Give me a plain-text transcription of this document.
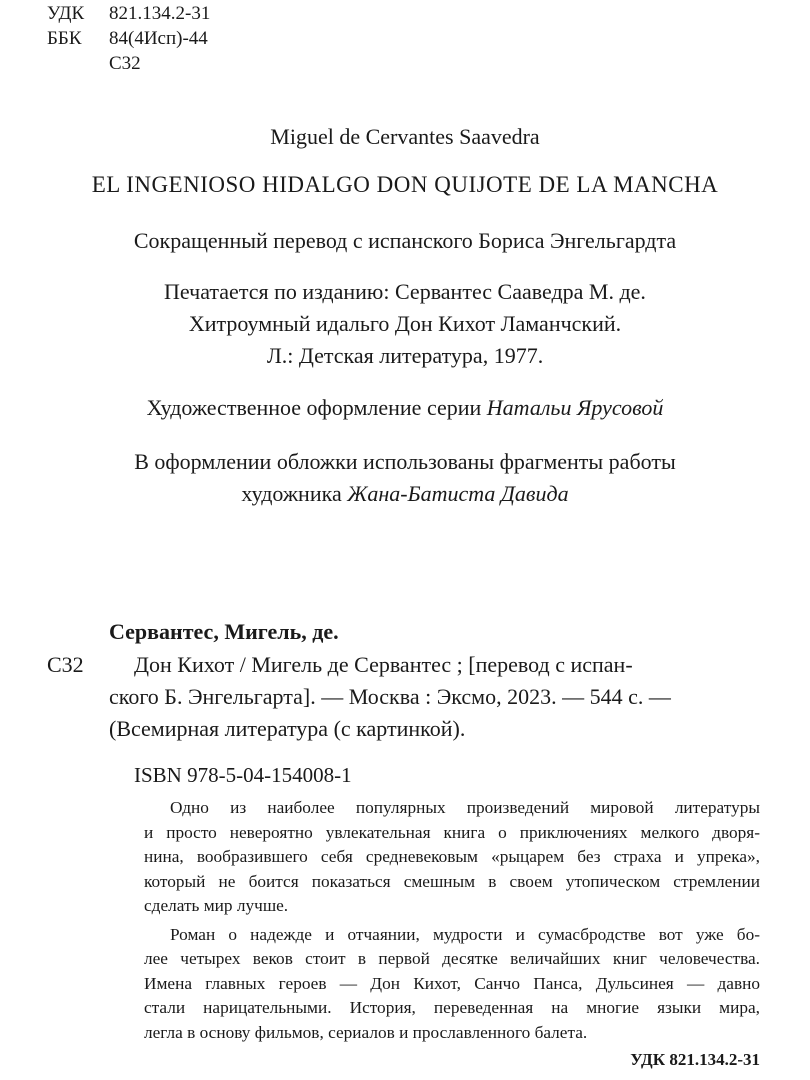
УДК 821.134.2-31
ББК 84(4Исп)-44
С32
Miguel de Cervantes Saavedra
EL INGENIOSO HIDALGO DON QUIJOTE DE LA MANCHA
Сокращенный перевод с испанского Бориса Энгельгардта
Печатается по изданию: Сервантес Сааведра М. де.
Хитроумный идальго Дон Кихот Ламанчский.
Л.: Детская литература, 1977.
Художественное оформление серии Натальи Ярусовой
В оформлении обложки использованы фрагменты работы
художника Жана-Батиста Давида
Сервантес, Мигель, де.
С32 Дон Кихот / Мигель де Сервантес ; [перевод с испан-
ского Б. Энгельгарта]. — Москва : Эксмо, 2023. — 544 с. —
(Всемирная литература (с картинкой).
ISBN 978-5-04-154008-1

Одно из наиболее популярных произведений мировой литературы
и просто невероятно увлекательная книга о приключениях мелкого дворя-
нина, вообразившего себя средневековым «рыцарем без страха и упрека»,
который не боится показаться смешным в своем утопическом стремлении
сделать мир лучше.

Роман о надежде и отчаянии, мудрости и сумасбродстве вот уже бо-
лее четырех веков стоит в первой десятке величайших книг человечества.
Имена главных героев — Дон Кихот, Санчо Панса, Дульсинея — давно
стали нарицательными. История, переведенная на многие языки мира,
легла в основу фильмов, сериалов и прославленного балета.

УДК 821.134.2-31
